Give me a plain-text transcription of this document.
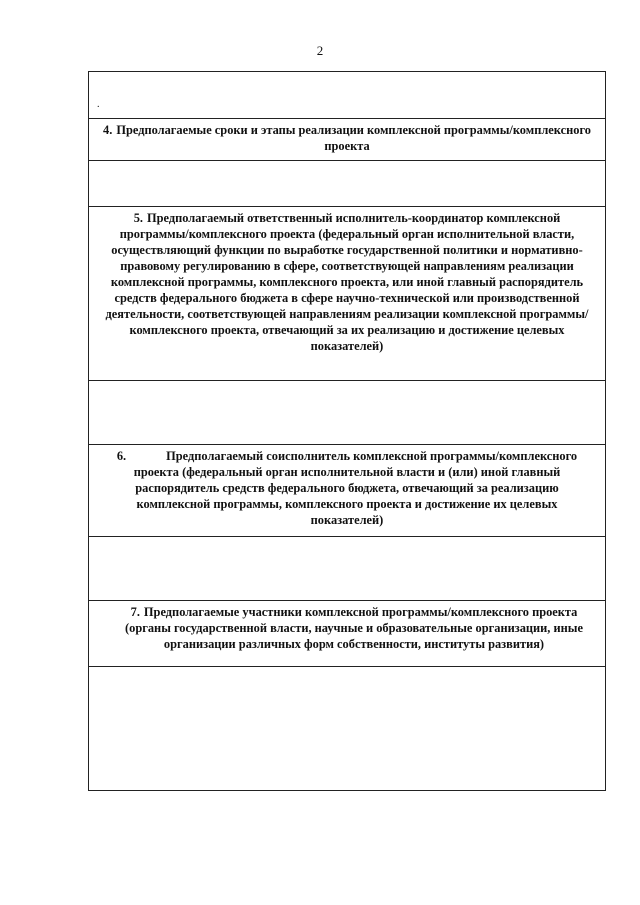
2
.
4. Предполагаемые сроки и этапы реализации комплексной программы/комплексного проекта
5. Предполагаемый ответственный исполнитель-координатор комплексной программы/комплексного проекта (федеральный орган исполнительной власти, осуществляющий функции по выработке государственной политики и нормативно-правовому регулированию в сфере, соответствующей направлениям реализации комплексной программы, комплексного проекта, или иной главный распорядитель средств федерального бюджета в сфере научно-технической или производственной деятельности, соответствующей направлениям реализации комплексной программы/комплексного проекта, отвечающий за их реализацию и достижение целевых показателей)
6.	Предполагаемый соисполнитель комплексной программы/комплексного проекта (федеральный орган исполнительной власти и (или) иной главный распорядитель средств федерального бюджета, отвечающий за реализацию комплексной программы, комплексного проекта и достижение их целевых показателей)
7. Предполагаемые участники комплексной программы/комплексного проекта (органы государственной власти, научные и образовательные организации, иные организации различных форм собственности, институты развития)
